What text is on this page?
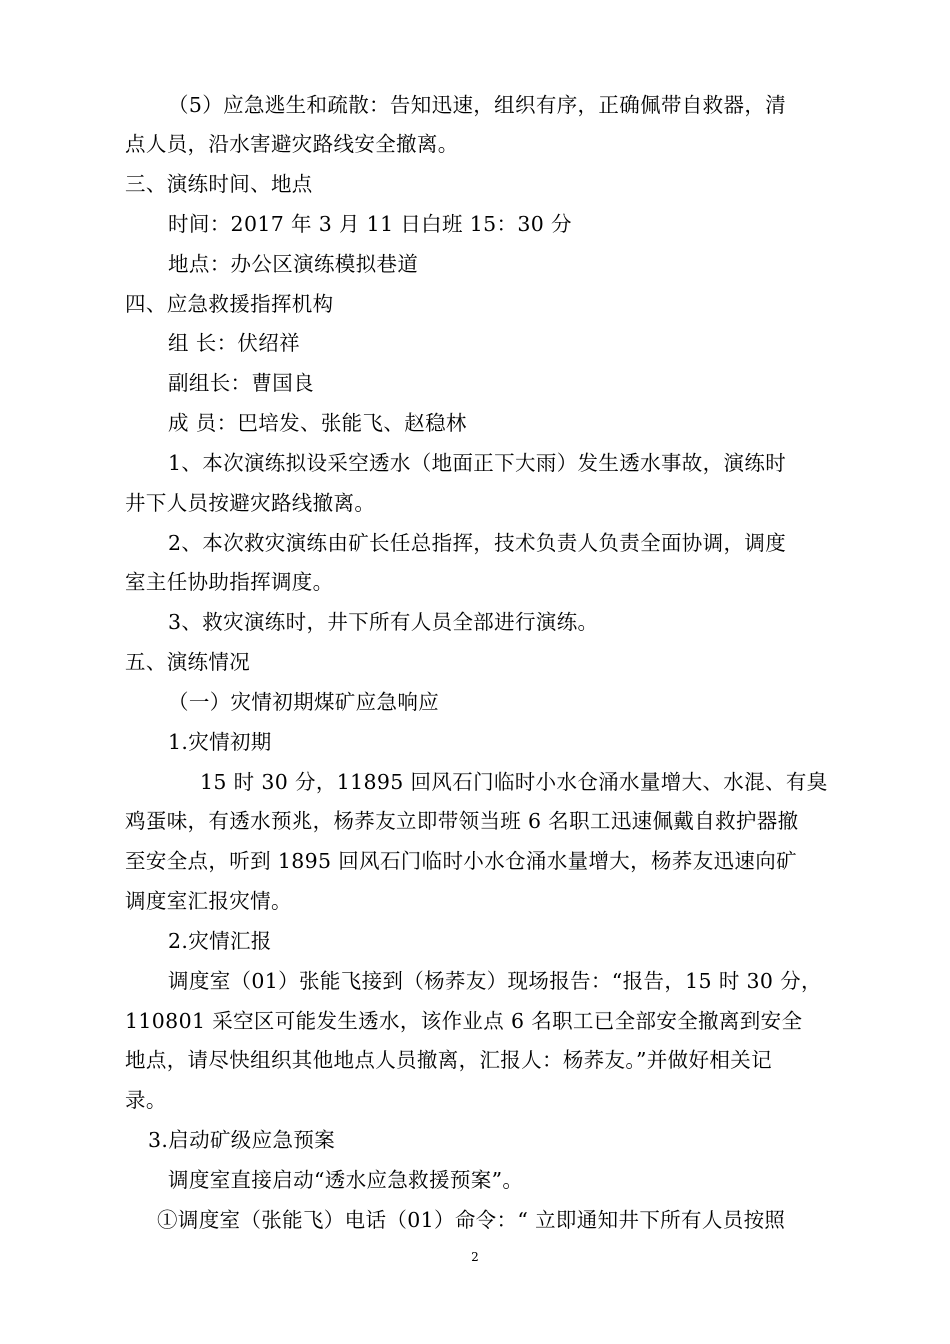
（5）应急逃生和疏散：告知迅速，组织有序，正确佩带自救器，清
点人员，沿水害避灾路线安全撤离。
三、演练时间、地点
时间：2017 年 3 月 11 日白班 15：30 分
地点：办公区演练模拟巷道
四、应急救援指挥机构
组 长：伏绍祥
副组长：曹国良
成 员：巴培发、张能飞、赵稳林
1、本次演练拟设采空透水（地面正下大雨）发生透水事故，演练时
井下人员按避灾路线撤离。
2、本次救灾演练由矿长任总指挥，技术负责人负责全面协调，调度
室主任协助指挥调度。
3、救灾演练时，井下所有人员全部进行演练。
五、演练情况
（一）灾情初期煤矿应急响应
1.灾情初期
15 时 30 分，11895 回风石门临时小水仓涌水量增大、水混、有臭
鸡蛋味，有透水预兆，杨荞友立即带领当班 6 名职工迅速佩戴自救护器撤
至安全点，听到 1895 回风石门临时小水仓涌水量增大，杨荞友迅速向矿
调度室汇报灾情。
2.灾情汇报
调度室（01）张能飞接到（杨荞友）现场报告：“报告，15 时 30 分，
110801 采空区可能发生透水，该作业点 6 名职工已全部安全撤离到安全
地点，请尽快组织其他地点人员撤离，汇报人：杨荞友。”并做好相关记
录。
3.启动矿级应急预案
调度室直接启动“透水应急救援预案”。
①调度室（张能飞）电话（01）命令：“ 立即通知井下所有人员按照
2
